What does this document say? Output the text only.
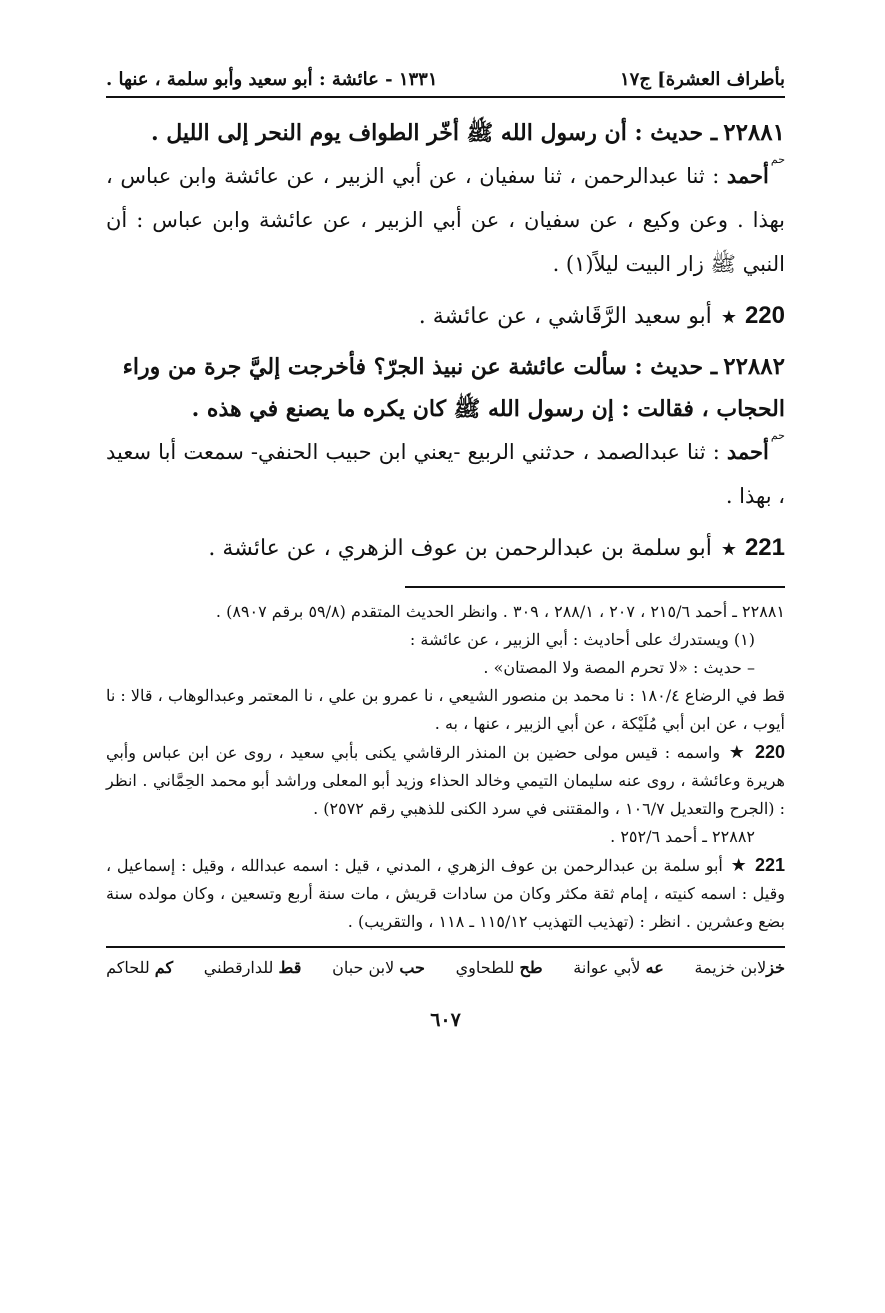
بأطراف العشرة] ج١٧
١٣٣١ - عائشة : أبو سعيد وأبو سلمة ، عنها .

٢٢٨٨١ـ حديث : أن رسول الله ﷺ أخّر الطواف يوم النحر إلى الليل .

حمأحمد : ثنا عبدالرحمن ، ثنا سفيان ، عن أبي الزبير ، عن عائشة وابن عباس ، بهذا . وعن وكيع ، عن سفيان ، عن أبي الزبير ، عن عائشة وابن عباس : أن النبي ﷺ زار البيت ليلاً(١) .

220★ أبو سعيد الرَّقَاشي ، عن عائشة .

٢٢٨٨٢ـ حديث : سألت عائشة عن نبيذ الجرّ؟ فأخرجت إليَّ جرة من وراء الحجاب ، فقالت : إن رسول الله ﷺ كان يكره ما يصنع في هذه .

حمأحمد : ثنا عبدالصمد ، حدثني الربيع -يعني ابن حبيب الحنفي- سمعت أبا سعيد ، بهذا .

221★ أبو سلمة بن عبدالرحمن بن عوف الزهري ، عن عائشة .

٢٢٨٨١ ـ أحمد ٢١٥/٦ ، ٢٠٧ ، ٢٨٨/١ ، ٣٠٩ . وانظر الحديث المتقدم (٥٩/٨ برقم ٨٩٠٧) .

(١) ويستدرك على أحاديث : أبي الزبير ، عن عائشة :

– حديث : «لا تحرم المصة ولا المصتان» .

قط في الرضاع ١٨٠/٤ : نا محمد بن منصور الشيعي ، نا عمرو بن علي ، نا المعتمر وعبدالوهاب ، قالا : نا أيوب ، عن ابن أبي مُلَيْكة ، عن أبي الزبير ، عنها ، به .

220 ★ واسمه : قيس مولى حضين بن المنذر الرقاشي يكنى بأبي سعيد ، روى عن ابن عباس وأبي هريرة وعائشة ، روى عنه سليمان التيمي وخالد الحذاء وزيد أبو المعلى وراشد أبو محمد الحِمَّاني . انظر : (الجرح والتعديل ١٠٦/٧ ، والمقتنى في سرد الكنى للذهبي رقم ٢٥٧٢) .

٢٢٨٨٢ ـ أحمد ٢٥٢/٦ .

221 ★ أبو سلمة بن عبدالرحمن بن عوف الزهري ، المدني ، قيل : اسمه عبدالله ، وقيل : إسماعيل ، وقيل : اسمه كنيته ، إمام ثقة مكثر وكان من سادات قريش ، مات سنة أربع وتسعين ، وكان مولده سنة بضع وعشرين . انظر : (تهذيب التهذيب ١١٥/١٢ ـ ١١٨ ، والتقريب) .

خزلابن خزيمة
عه لأبي عوانة
طح للطحاوي
حب لابن حبان
قط للدارقطني
كم للحاكم
٦٠٧
